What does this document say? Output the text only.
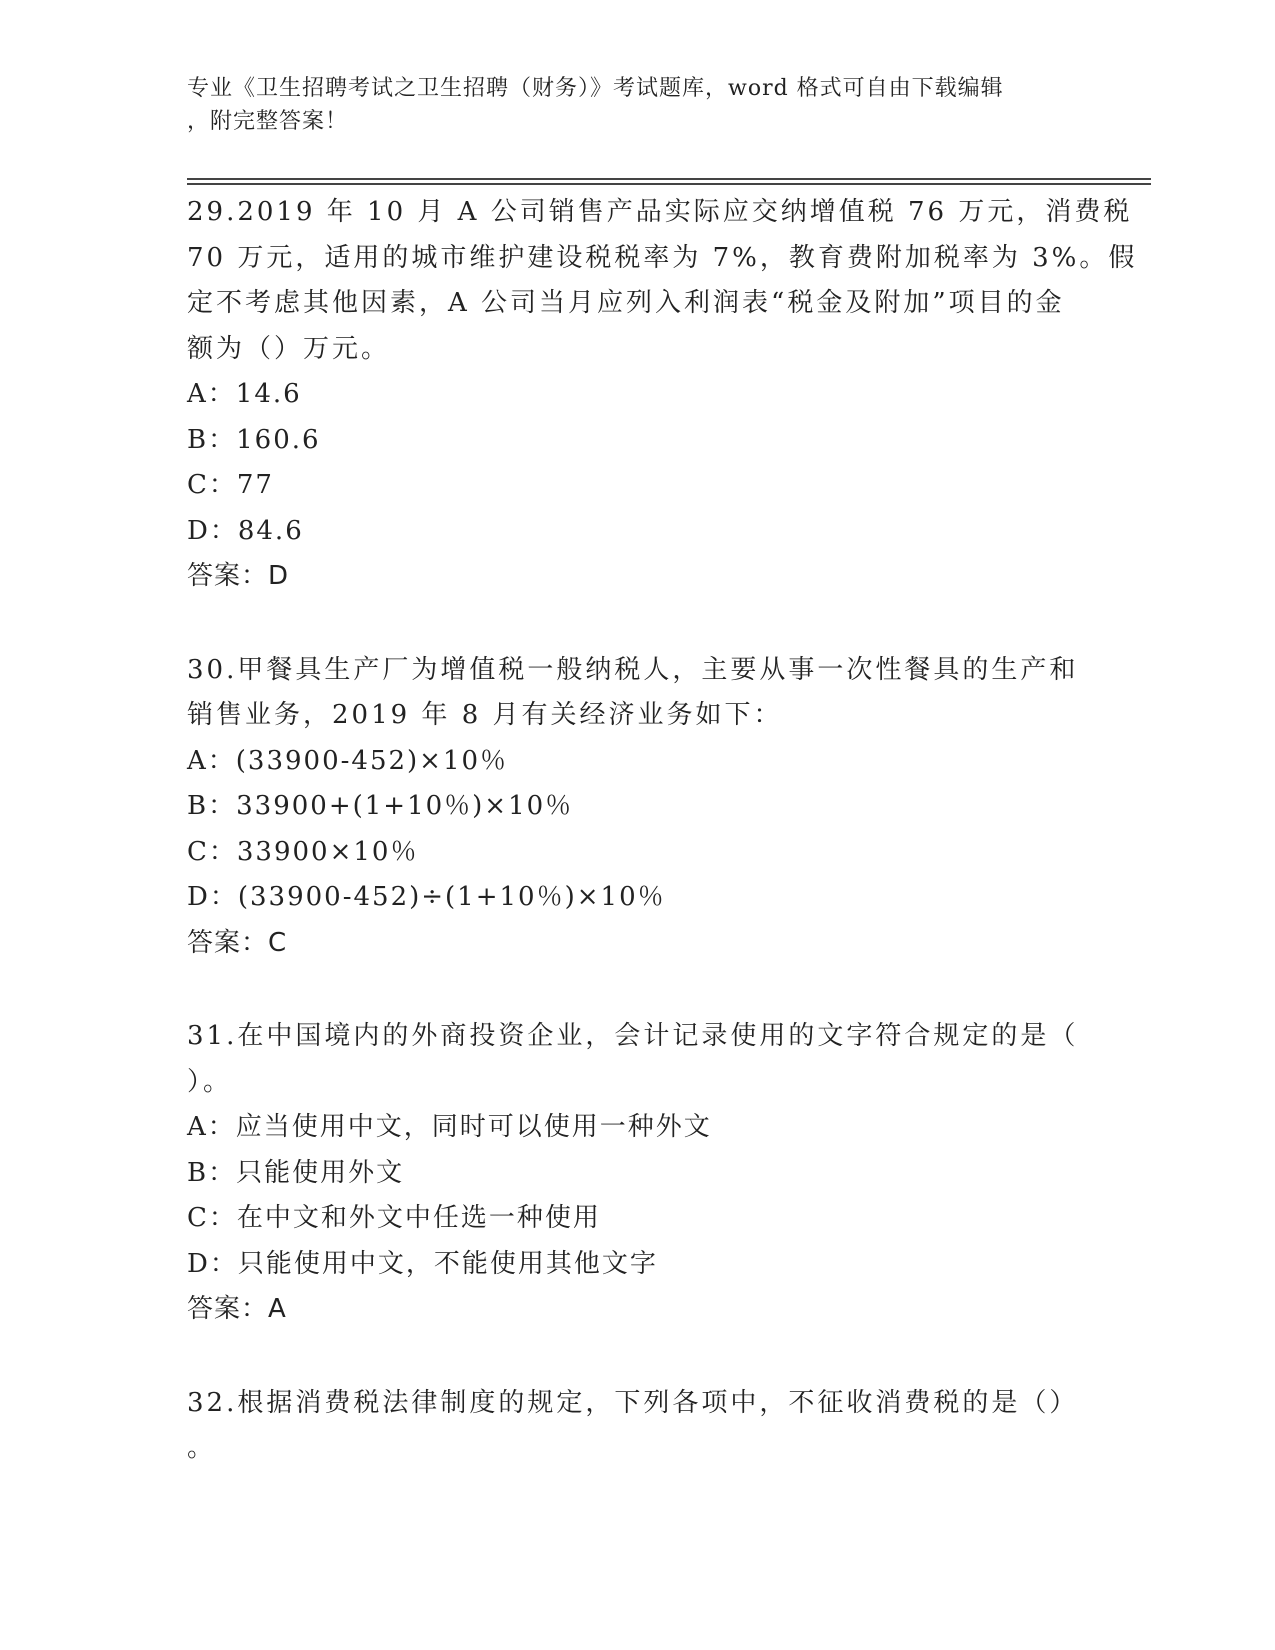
专业《卫生招聘考试之卫生招聘（财务）》考试题库，word 格式可自由下载编辑

，附完整答案！

29.2019 年 10 月 A 公司销售产品实际应交纳增值税 76 万元，消费税

70 万元，适用的城市维护建设税税率为 7%，教育费附加税率为 3%。假

定不考虑其他因素，A 公司当月应列入利润表“税金及附加”项目的金

额为（）万元。

A：14.6

B：160.6

C：77

D：84.6

答案：D

30.甲餐具生产厂为增值税一般纳税人，主要从事一次性餐具的生产和

销售业务，2019 年 8 月有关经济业务如下：

A：(33900-452)×10％

B：33900+(1+10％)×10％

C：33900×10％

D：(33900-452)÷(1+10％)×10％

答案：C

31.在中国境内的外商投资企业，会计记录使用的文字符合规定的是（

）。

A：应当使用中文，同时可以使用一种外文

B：只能使用外文

C：在中文和外文中任选一种使用

D：只能使用中文，不能使用其他文字

答案：A

32.根据消费税法律制度的规定，下列各项中，不征收消费税的是（）

。
